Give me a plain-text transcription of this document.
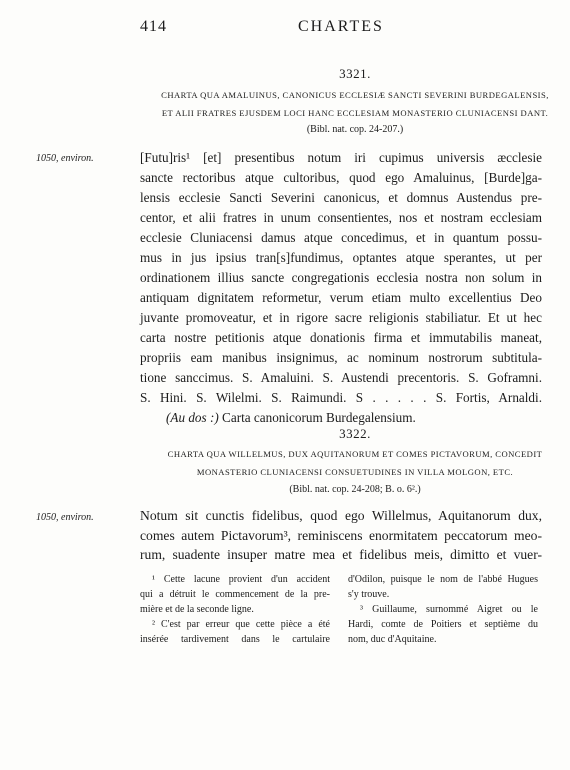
414	CHARTES
3321.
CHARTA QUA AMALUINUS, CANONICUS ECCLESIÆ SANCTI SEVERINI BURDEGALENSIS,
ET ALII FRATRES EJUSDEM LOCI HANC ECCLESIAM MONASTERIO CLUNIACENSI DANT.
(Bibl. nat. cop. 24-207.)
1050, environ.	[Futu]ris¹ [et] presentibus notum iri cupimus universis æcclesie
sancte rectoribus atque cultoribus, quod ego Amaluinus, [Burde]ga-
lensis ecclesie Sancti Severini canonicus, et domnus Austendus pre-
centor, et alii fratres in unum consentientes, nos et nostram ecclesiam
ecclesie Cluniacensi damus atque concedimus, et in quantum possu-
mus in jus ipsius tran[s]fundimus, optantes atque sperantes, ut per
ordinationem illius sancte congregationis ecclesia nostra non solum in
antiquam dignitatem reformetur, verum etiam multo excellentius Deo
juvante promoveatur, et in rigore sacre religionis stabiliatur. Et ut hec
carta nostre petitionis atque donationis firma et immutabilis maneat,
propriis eam manibus insignimus, ac nominum nostrorum subtitula-
tione sanccimus. S. Amaluini. S. Austendi precentoris. S. Goframni.
S. Hini. S. Wilelmi. S. Raimundi. S . . . . . S. Fortis, Arnaldi.
(Au dos :) Carta canonicorum Burdegalensium.
3322.
CHARTA QUA WILLELMUS, DUX AQUITANORUM ET COMES PICTAVORUM, CONCEDIT
MONASTERIO CLUNIACENSI CONSUETUDINES IN VILLA MOLGON, ETC.
(Bibl. nat. cop. 24-208; B. o. 6².)
1050, environ.	Notum sit cunctis fidelibus, quod ego Willelmus, Aquitanorum dux,
comes autem Pictavorum³, reminiscens enormitatem peccatorum meo-
rum, suadente insuper matre mea et fidelibus meis, dimitto et vuer-
¹ Cette lacune provient d'un accident
qui a détruit le commencement de la pre-
mière et de la seconde ligne.
² C'est par erreur que cette pièce a été
insérée tardivement dans le cartulaire
d'Odilon, puisque le nom de l'abbé Hugues
s'y trouve.
³ Guillaume, surnommé Aigret ou le
Hardi, comte de Poitiers et septième du
nom, duc d'Aquitaine.
